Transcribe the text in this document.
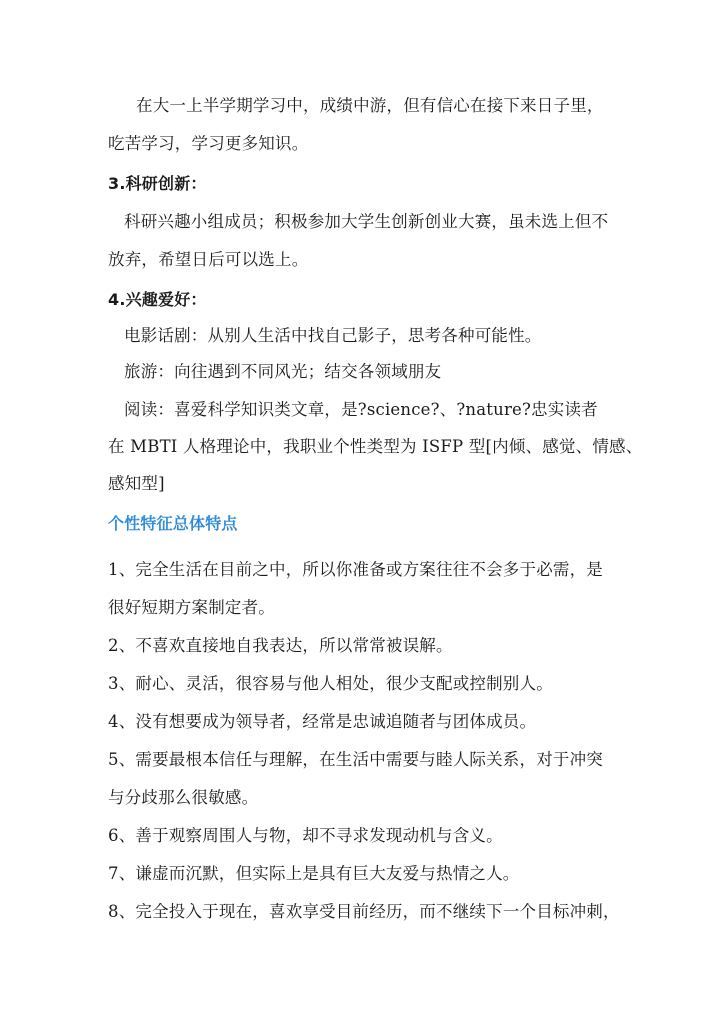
在大一上半学期学习中，成绩中游，但有信心在接下来日子里，
吃苦学习，学习更多知识。
3.科研创新：
科研兴趣小组成员；积极参加大学生创新创业大赛，虽未选上但不
放弃，希望日后可以选上。
4.兴趣爱好：
电影话剧：从别人生活中找自己影子，思考各种可能性。
旅游：向往遇到不同风光；结交各领域朋友
阅读：喜爱科学知识类文章，是?science?、?nature?忠实读者
在 MBTI 人格理论中，我职业个性类型为 ISFP 型[内倾、感觉、情感、
感知型]
个性特征总体特点
1、完全生活在目前之中，所以你准备或方案往往不会多于必需，是
很好短期方案制定者。
2、不喜欢直接地自我表达，所以常常被误解。
3、耐心、灵活，很容易与他人相处，很少支配或控制别人。
4、没有想要成为领导者，经常是忠诚追随者与团体成员。
5、需要最根本信任与理解，在生活中需要与睦人际关系，对于冲突
与分歧那么很敏感。
6、善于观察周围人与物，却不寻求发现动机与含义。
7、谦虚而沉默，但实际上是具有巨大友爱与热情之人。
8、完全投入于现在，喜欢享受目前经历，而不继续下一个目标冲刺，
